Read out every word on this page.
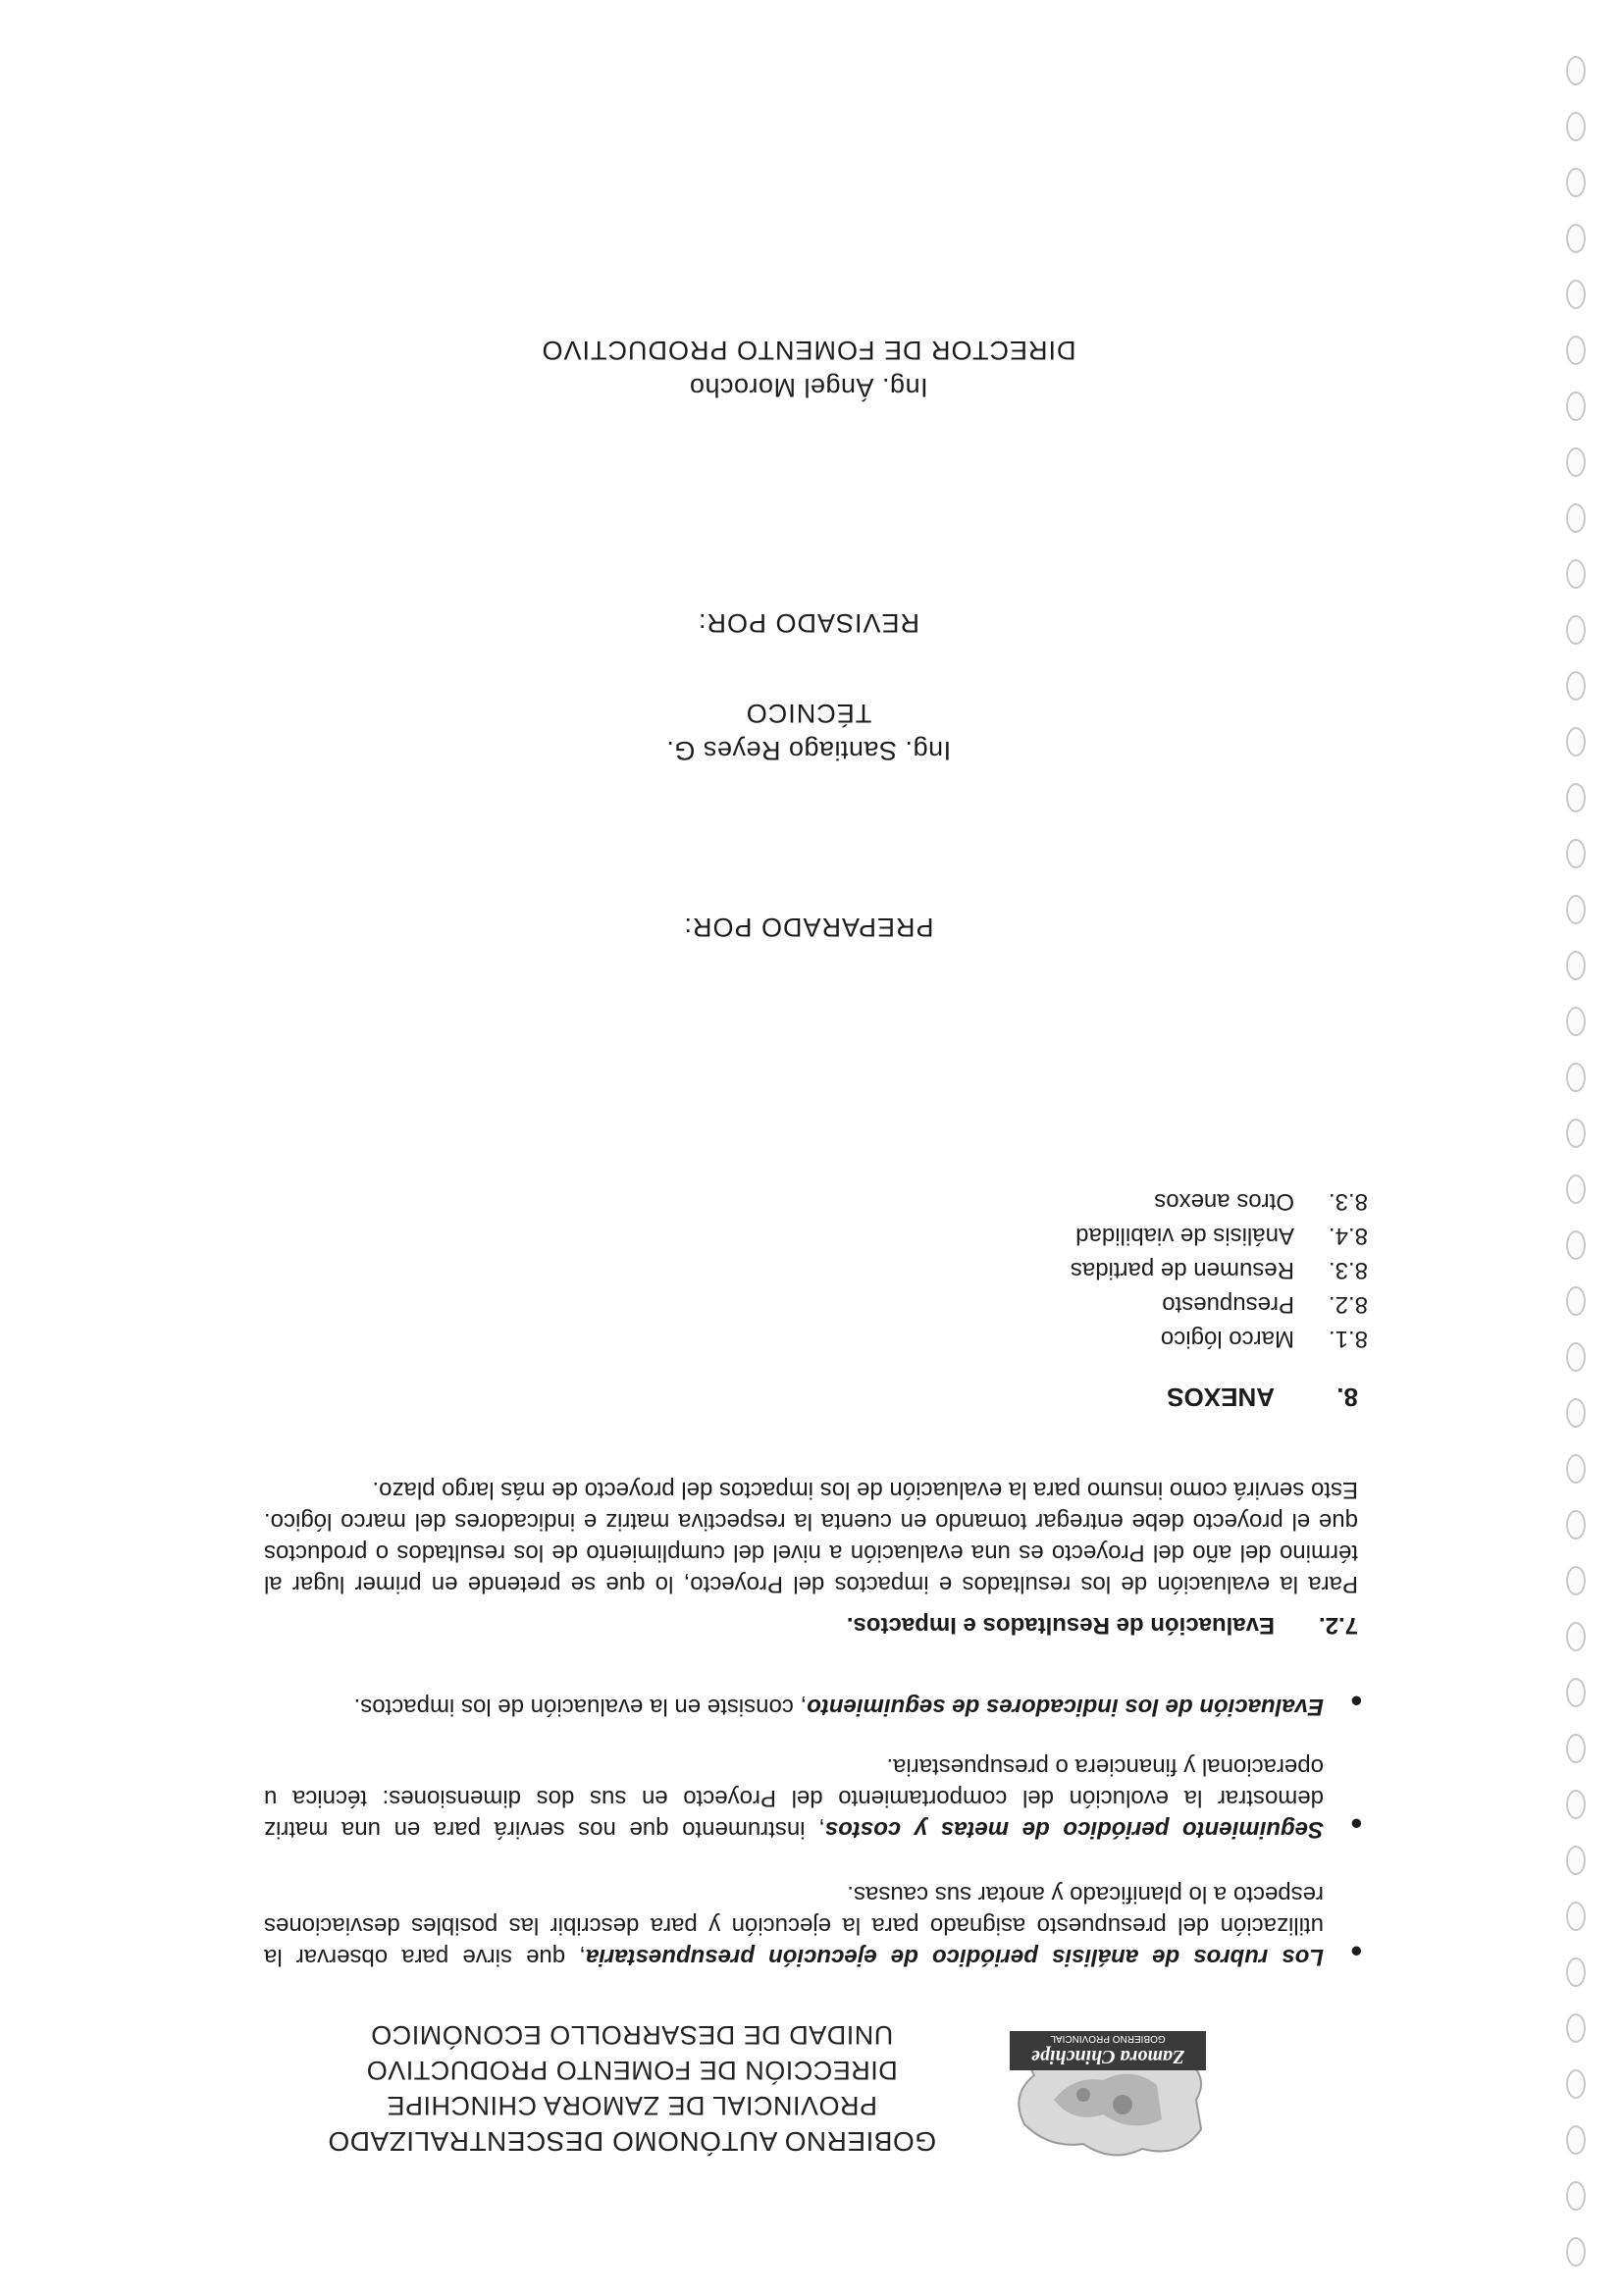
Zamora Chinchipe
GOBIERNO PROVINCIAL
GOBIERNO AUTÓNOMO DESCENTRALIZADO
PROVINCIAL DE ZAMORA CHINCHIPE
DIRECCIÓN DE FOMENTO PRODUCTIVO
UNIDAD DE DESARROLLO ECONÓMICO
●
Los rubros de análisis periódico de ejecución presupuestaria, que sirve para observar la utilización del presupuesto asignado para la ejecución y para describir las posibles desviaciones respecto a lo planificado y anotar sus causas.
●
Seguimiento periódico de metas y costos, instrumento que nos servirá para en una matriz demostrar la evolución del comportamiento del Proyecto en sus dos dimensiones: técnica u operacional y financiera o presupuestaria.
●
Evaluación de los indicadores de seguimiento, consiste en la evaluación de los impactos.
7.2.
Evaluación de Resultados e Impactos.
Para la evaluación de los resultados e impactos del Proyecto, lo que se pretende en primer lugar al término del año del Proyecto es una evaluación a nivel del cumplimiento de los resultados o productos que el proyecto debe entregar tomando en cuenta la respectiva matriz e indicadores del marco lógico. Esto servirá como insumo para la evaluación de los impactos del proyecto de más largo plazo.
8.
ANEXOS
8.1.Marco lógico
8.2.Presupuesto
8.3.Resumen de partidas
8.4.Análisis de viabilidad
8.3.Otros anexos
PREPARADO POR:
Ing. Santiago Reyes G.
TÉCNICO
REVISADO POR:
Ing. Ángel Morocho
DIRECTOR DE FOMENTO PRODUCTIVO
